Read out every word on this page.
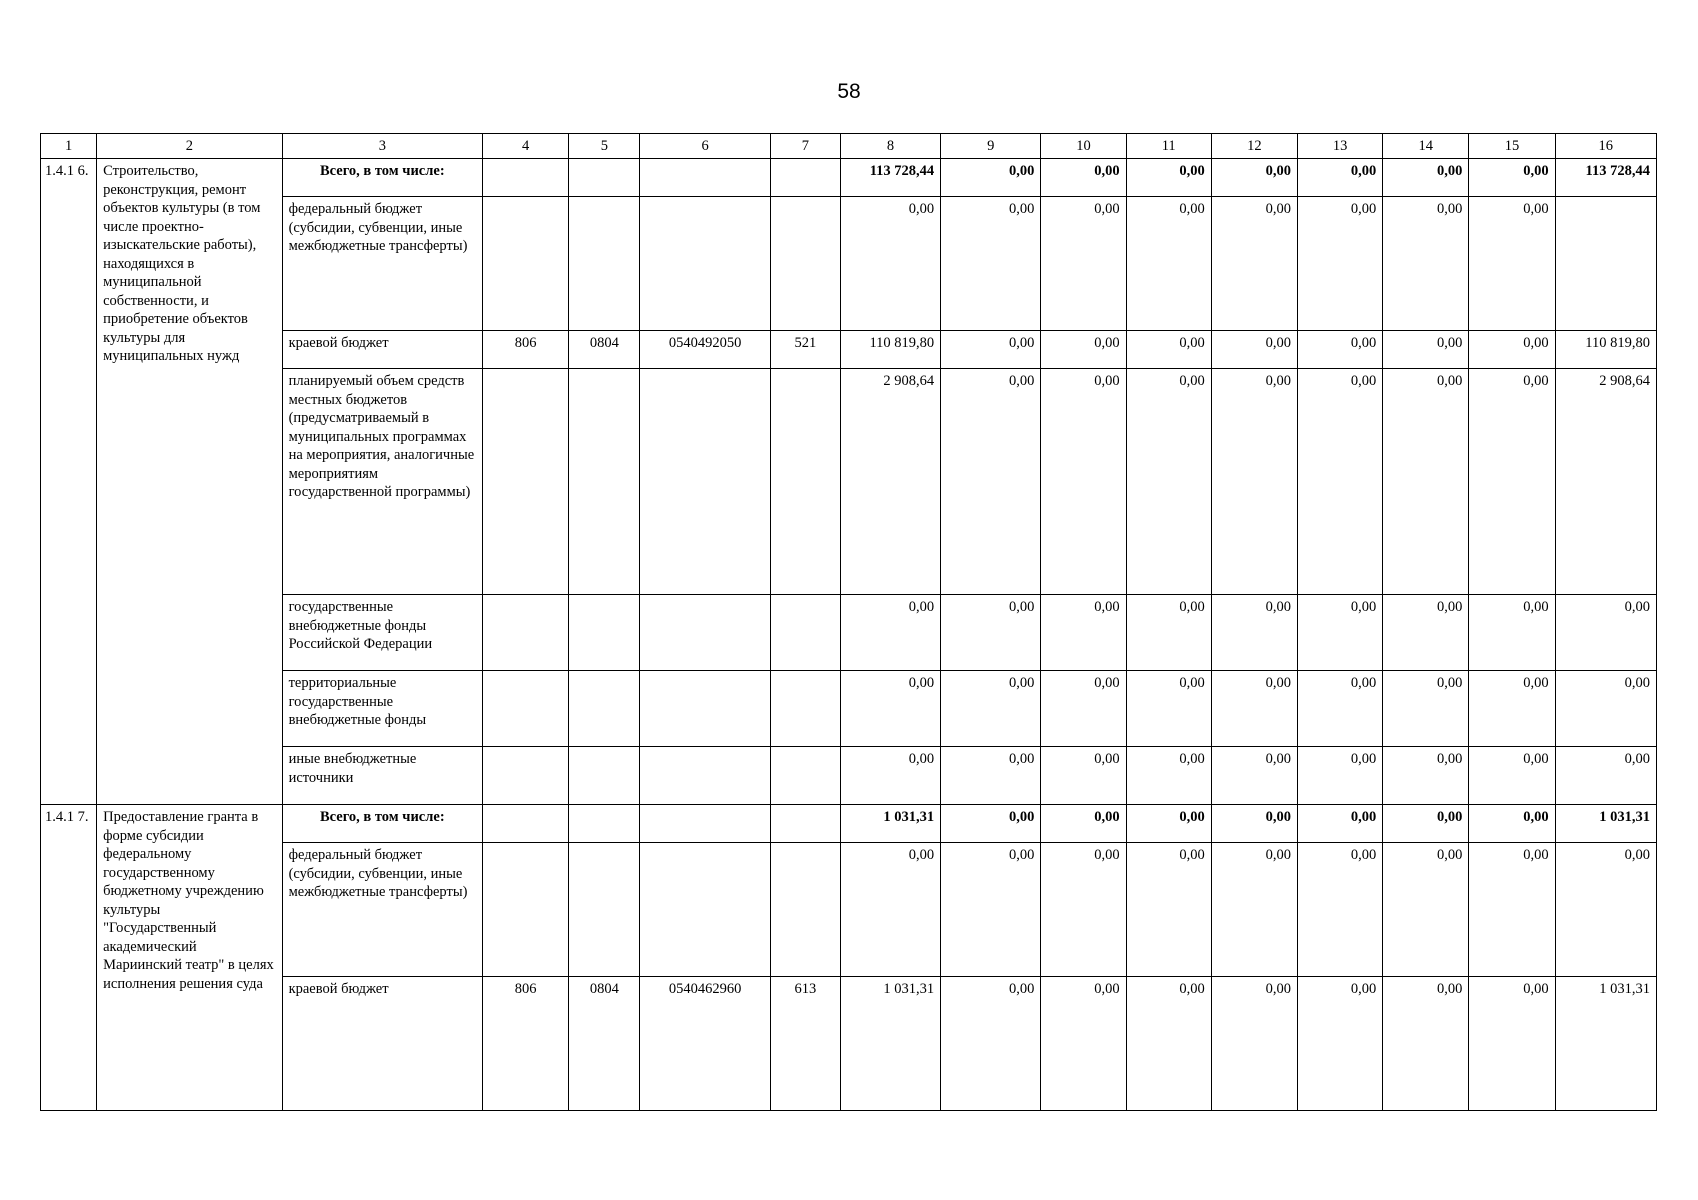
58
1	2	3	4	5	6	7	8	9	10	11	12	13	14	15	16
1.4.1 6.	Строительство, реконструкция, ремонт объектов культуры (в том числе проектно-изыскательские работы), находящихся в муниципальной собственности, и приобретение объектов культуры для муниципальных нужд	Всего, в том числе:					113 728,44	0,00	0,00	0,00	0,00	0,00	0,00	0,00	113 728,44
		федеральный бюджет (субсидии, субвенции, иные межбюджетные трансферты)					0,00	0,00	0,00	0,00	0,00	0,00	0,00	0,00	
		краевой бюджет	806	0804	0540492050	521	110 819,80	0,00	0,00	0,00	0,00	0,00	0,00	0,00	110 819,80
		планируемый объем средств местных бюджетов (предусматриваемый в муниципальных программах на мероприятия, аналогичные мероприятиям государственной программы)					2 908,64	0,00	0,00	0,00	0,00	0,00	0,00	0,00	2 908,64
		государственные внебюджетные фонды Российской Федерации					0,00	0,00	0,00	0,00	0,00	0,00	0,00	0,00	0,00
		территориальные государственные внебюджетные фонды					0,00	0,00	0,00	0,00	0,00	0,00	0,00	0,00	0,00
		иные внебюджетные источники					0,00	0,00	0,00	0,00	0,00	0,00	0,00	0,00	0,00
1.4.1 7.	Предоставление гранта в форме субсидии федеральному государственному бюджетному учреждению культуры "Государственный академический Мариинский театр" в целях исполнения решения суда	Всего, в том числе:					1 031,31	0,00	0,00	0,00	0,00	0,00	0,00	0,00	1 031,31
		федеральный бюджет (субсидии, субвенции, иные межбюджетные трансферты)					0,00	0,00	0,00	0,00	0,00	0,00	0,00	0,00	0,00
		краевой бюджет	806	0804	0540462960	613	1 031,31	0,00	0,00	0,00	0,00	0,00	0,00	0,00	1 031,31
